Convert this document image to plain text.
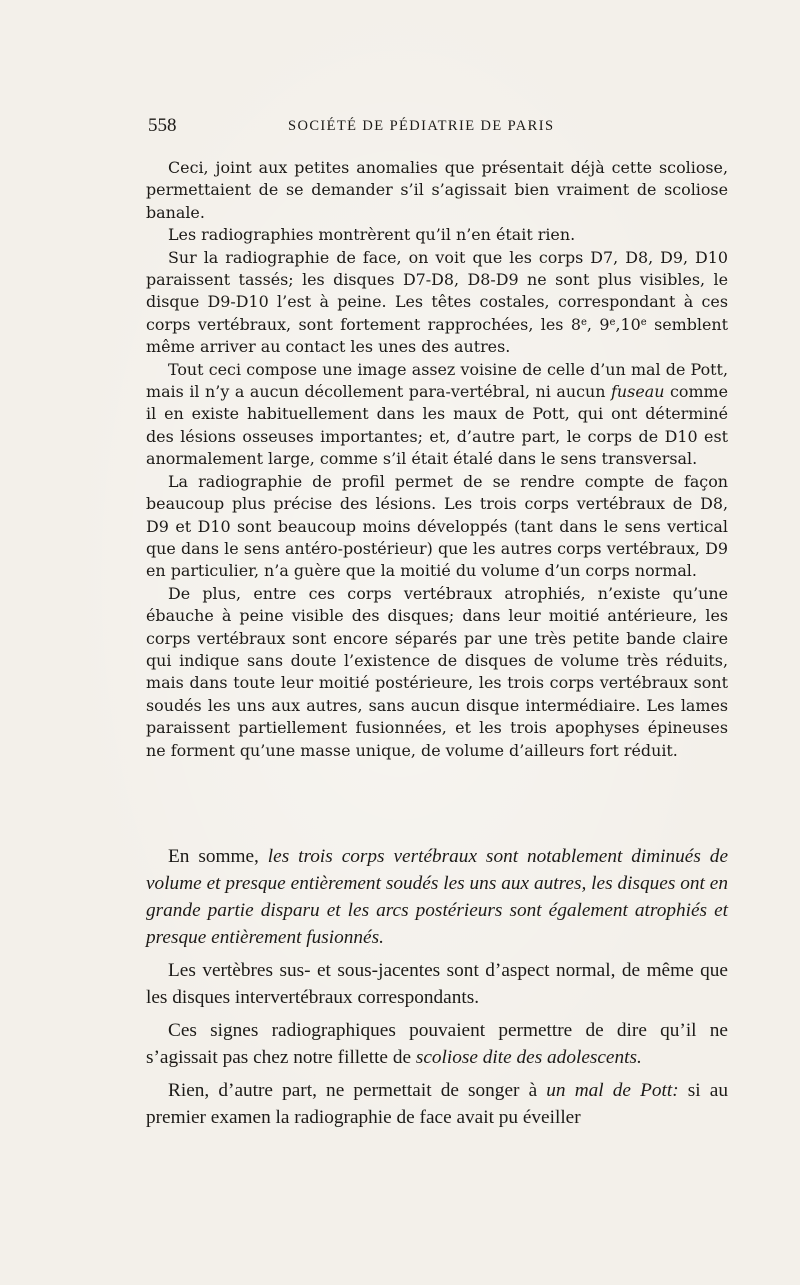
558	SOCIÉTÉ DE PÉDIATRIE DE PARIS

Ceci, joint aux petites anomalies que présentait déjà cette scoliose, permettaient de se demander s’il s’agissait bien vraiment de scoliose banale.

Les radiographies montrèrent qu’il n’en était rien.

Sur la radiographie de face, on voit que les corps D7, D8, D9, D10 paraissent tassés; les disques D7-D8, D8-D9 ne sont plus visibles, le disque D9-D10 l’est à peine. Les têtes costales, correspondant à ces corps vertébraux, sont fortement rapprochées, les 8e, 9e,10e semblent même arriver au contact les unes des autres.

Tout ceci compose une image assez voisine de celle d’un mal de Pott, mais il n’y a aucun décollement para-vertébral, ni aucun fuseau comme il en existe habituellement dans les maux de Pott, qui ont déterminé des lésions osseuses importantes; et, d’autre part, le corps de D10 est anormalement large, comme s’il était étalé dans le sens transversal.

La radiographie de profil permet de se rendre compte de façon beaucoup plus précise des lésions. Les trois corps vertébraux de D8, D9 et D10 sont beaucoup moins développés (tant dans le sens vertical que dans le sens antéro-postérieur) que les autres corps vertébraux, D9 en particulier, n’a guère que la moitié du volume d’un corps normal.

De plus, entre ces corps vertébraux atrophiés, n’existe qu’une ébauche à peine visible des disques; dans leur moitié antérieure, les corps vertébraux sont encore séparés par une très petite bande claire qui indique sans doute l’existence de disques de volume très réduits, mais dans toute leur moitié postérieure, les trois corps vertébraux sont soudés les uns aux autres, sans aucun disque intermédiaire. Les lames paraissent partiellement fusionnées, et les trois apophyses épineuses ne forment qu’une masse unique, de volume d’ailleurs fort réduit.

En somme, les trois corps vertébraux sont notablement diminués de volume et presque entièrement soudés les uns aux autres, les disques ont en grande partie disparu et les arcs postérieurs sont également atrophiés et presque entièrement fusionnés.

Les vertèbres sus- et sous-jacentes sont d’aspect normal, de même que les disques intervertébraux correspondants.

Ces signes radiographiques pouvaient permettre de dire qu’il ne s’agissait pas chez notre fillette de scoliose dite des adolescents.

Rien, d’autre part, ne permettait de songer à un mal de Pott: si au premier examen la radiographie de face avait pu éveiller
